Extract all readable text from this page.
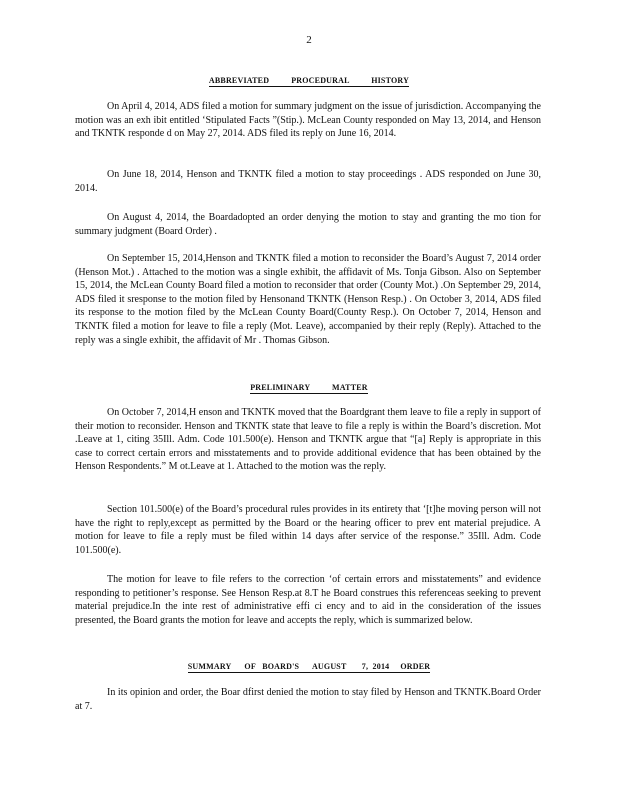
2
ABBREVIATED          PROCEDURAL          HISTORY
On April 4, 2014, ADS filed a motion for summary judgment on the issue of jurisdiction. Accompanying the motion was an exh ibit entitled ‘Stipulated Facts ”(Stip.). McLean County responded on May 13, 2014, and Henson and TKNTK responde d on May 27, 2014. ADS filed its reply on June 16, 2014.
On June 18, 2014, Henson and TKNTK filed a motion to stay proceedings . ADS responded on June 30, 2014.
On August 4, 2014, the Boardadopted an order denying the motion to stay and granting the mo tion for summary judgment (Board Order) .
On September 15, 2014,Henson and TKNTK filed a motion to reconsider the Board’s August 7, 2014 order (Henson Mot.) . Attached to the motion was a single exhibit, the affidavit of Ms. Tonja Gibson. Also on September 15, 2014, the McLean County Board filed a motion to reconsider that order (County Mot.) .On September 29, 2014, ADS filed it sresponse to the motion filed by Hensonand TKNTK (Henson Resp.) . On October 3, 2014, ADS filed its response to the motion filed by the McLean County Board(County Resp.). On October 7, 2014, Henson and TKNTK filed a motion for leave to file a reply (Mot. Leave), accompanied by their reply (Reply). Attached to the reply was a single exhibit, the affidavit of Mr . Thomas Gibson.
PRELIMINARY          MATTER
On October 7, 2014,H enson and TKNTK moved that the Boardgrant them leave to file a reply in support of their motion to reconsider. Henson and TKNTK state that leave to file a reply is within the Board’s discretion. Mot .Leave at 1, citing 35Ill. Adm. Code 101.500(e). Henson and TKNTK argue that “[a] Reply is appropriate in this case to correct certain errors and misstatements and to provide additional evidence that has been obtained by the Henson Respondents.” M ot.Leave at 1. Attached to the motion was the reply.
Section 101.500(e) of the Board’s procedural rules provides in its entirety that ‘[t]he moving person will not have the right to reply,except as permitted by the Board or the hearing officer to prev ent material prejudice. A motion for leave to file a reply must be filed within 14 days after service of the response.” 35Ill. Adm. Code 101.500(e).
The motion for leave to file refers to the correction ‘of certain errors and misstatements” and evidence responding to petitioner’s response. See Henson Resp.at 8.T he Board construes this referenceas seeking to prevent material prejudice.In the inte rest of administrative effi ci ency and to aid in the consideration of the issues presented, the Board grants the motion for leave and accepts the reply, which is summarized below.
SUMMARY      OF   BOARD'S      AUGUST       7,  2014     ORDER
In its opinion and order, the Boar dfirst denied the motion to stay filed by Henson and TKNTK.Board Order at 7.
